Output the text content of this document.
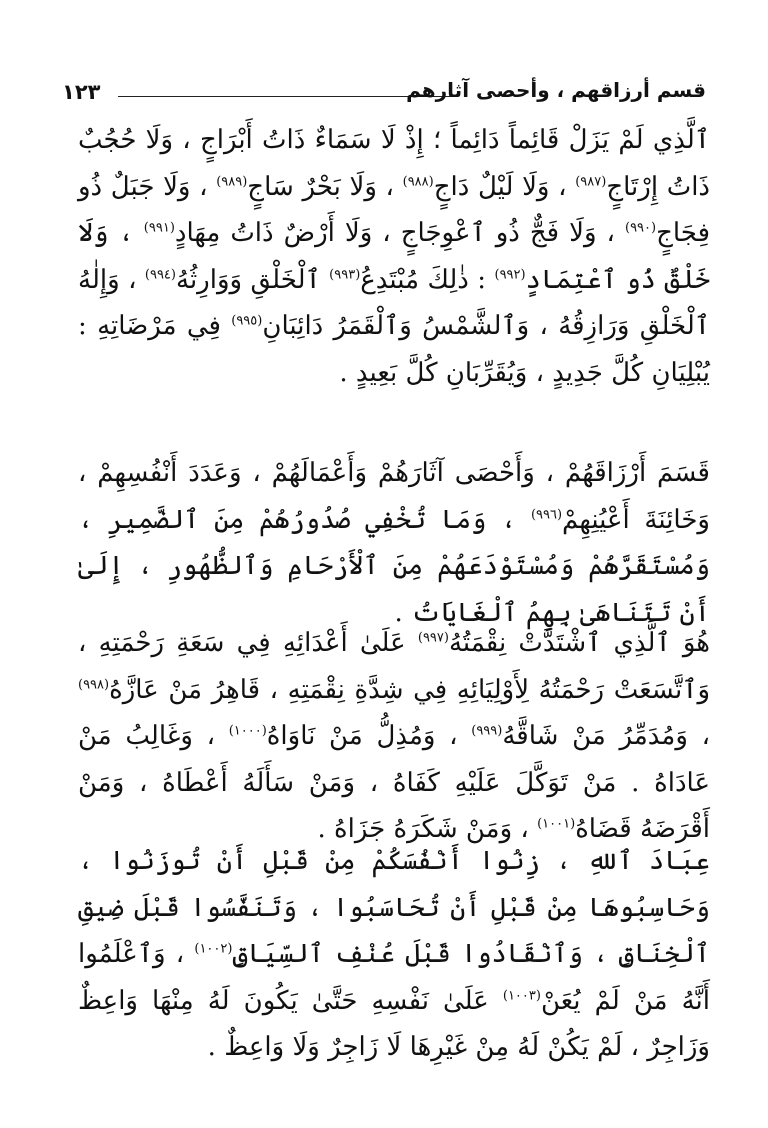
١٢٣	قسم أرزاقهم ، وأحصى آثارهم

ٱلَّذِي لَمْ يَزَلْ قَائِماً دَائِماً ؛ إِذْ لَا سَمَاءٌ ذَاتُ أَبْرَاجٍ ، وَلَا حُجُبٌ ذَاتُ إِرْتَاجٍ$^{(٩٨٧)}$ ، وَلَا لَيْلٌ دَاجٍ$^{(٩٨٨)}$ ، وَلَا بَحْرٌ سَاجٍ$^{(٩٨٩)}$ ، وَلَا جَبَلٌ ذُو فِجَاجٍ$^{(٩٩٠)}$ ، وَلَا فَجٌّ ذُو ٱعْوِجَاجٍ ، وَلَا أَرْضٌ ذَاتُ مِهَادٍ$^{(٩٩١)}$ ، وَلَا خَلْقٌ ذُو ٱعْتِمَادٍ$^{(٩٩٢)}$ : ذٰلِكَ مُبْتَدِعُ$^{(٩٩٣)}$ ٱلْخَلْقِ وَوَارِثُهُ$^{(٩٩٤)}$ ، وَإِلٰهُ ٱلْخَلْقِ وَرَازِقُهُ ، وَٱلشَّمْسُ وَٱلْقَمَرُ دَائِبَانِ$^{(٩٩٥)}$ فِي مَرْضَاتِهِ : يُبْلِيَانِ كُلَّ جَدِيدٍ ، وَيُقَرِّبَانِ كُلَّ بَعِيدٍ .

قَسَمَ أَرْزَاقَهُمْ ، وَأَحْصَى آثَارَهُمْ وَأَعْمَالَهُمْ ، وَعَدَدَ أَنْفُسِهِمْ ، وَخَائِنَةَ أَعْيُنِهِمْ$^{(٩٩٦)}$ ، وَمَا تُخْفِي صُدُورُهُمْ مِنَ ٱلضَّمِيرِ ، وَمُسْتَقَرَّهُمْ وَمُسْتَوْدَعَهُمْ مِنَ ٱلْأَرْحَامِ وَٱلظُّهُورِ ، إِلَىٰ أَنْ تَتَنَاهَىٰ بِهِمُ ٱلْغَايَاتُ .

هُوَ ٱلَّذِي ٱشْتَدَّتْ نِقْمَتُهُ$^{(٩٩٧)}$ عَلَىٰ أَعْدَائِهِ فِي سَعَةِ رَحْمَتِهِ ، وَٱتَّسَعَتْ رَحْمَتُهُ لِأَوْلِيَائِهِ فِي شِدَّةِ نِقْمَتِهِ ، قَاهِرُ مَنْ عَازَّهُ$^{(٩٩٨)}$ ، وَمُدَمِّرُ مَنْ شَاقَّهُ$^{(٩٩٩)}$ ، وَمُذِلُّ مَنْ نَاوَاهُ$^{(١٠٠٠)}$ ، وَغَالِبُ مَنْ عَادَاهُ . مَنْ تَوَكَّلَ عَلَيْهِ كَفَاهُ ، وَمَنْ سَأَلَهُ أَعْطَاهُ ، وَمَنْ أَقْرَضَهُ قَضَاهُ$^{(١٠٠١)}$ ، وَمَنْ شَكَرَهُ جَزَاهُ .

عِبَادَ ٱللهِ ، زِنُوا أَنْفُسَكُمْ مِنْ قَبْلِ أَنْ تُوزَنُوا ، وَحَاسِبُوهَا مِنْ قَبْلِ أَنْ تُحَاسَبُوا ، وَتَنَفَّسُوا قَبْلَ ضِيقِ ٱلْخِنَاقِ ، وَٱنْقَادُوا قَبْلَ عُنْفِ ٱلسِّيَاقِ$^{(١٠٠٢)}$ ، وَٱعْلَمُوا أَنَّهُ مَنْ لَمْ يُعَنْ$^{(١٠٠٣)}$ عَلَىٰ نَفْسِهِ حَتَّىٰ يَكُونَ لَهُ مِنْهَا وَاعِظٌ وَزَاجِرٌ ، لَمْ يَكُنْ لَهُ مِنْ غَيْرِهَا لَا زَاجِرٌ وَلَا وَاعِظٌ .
